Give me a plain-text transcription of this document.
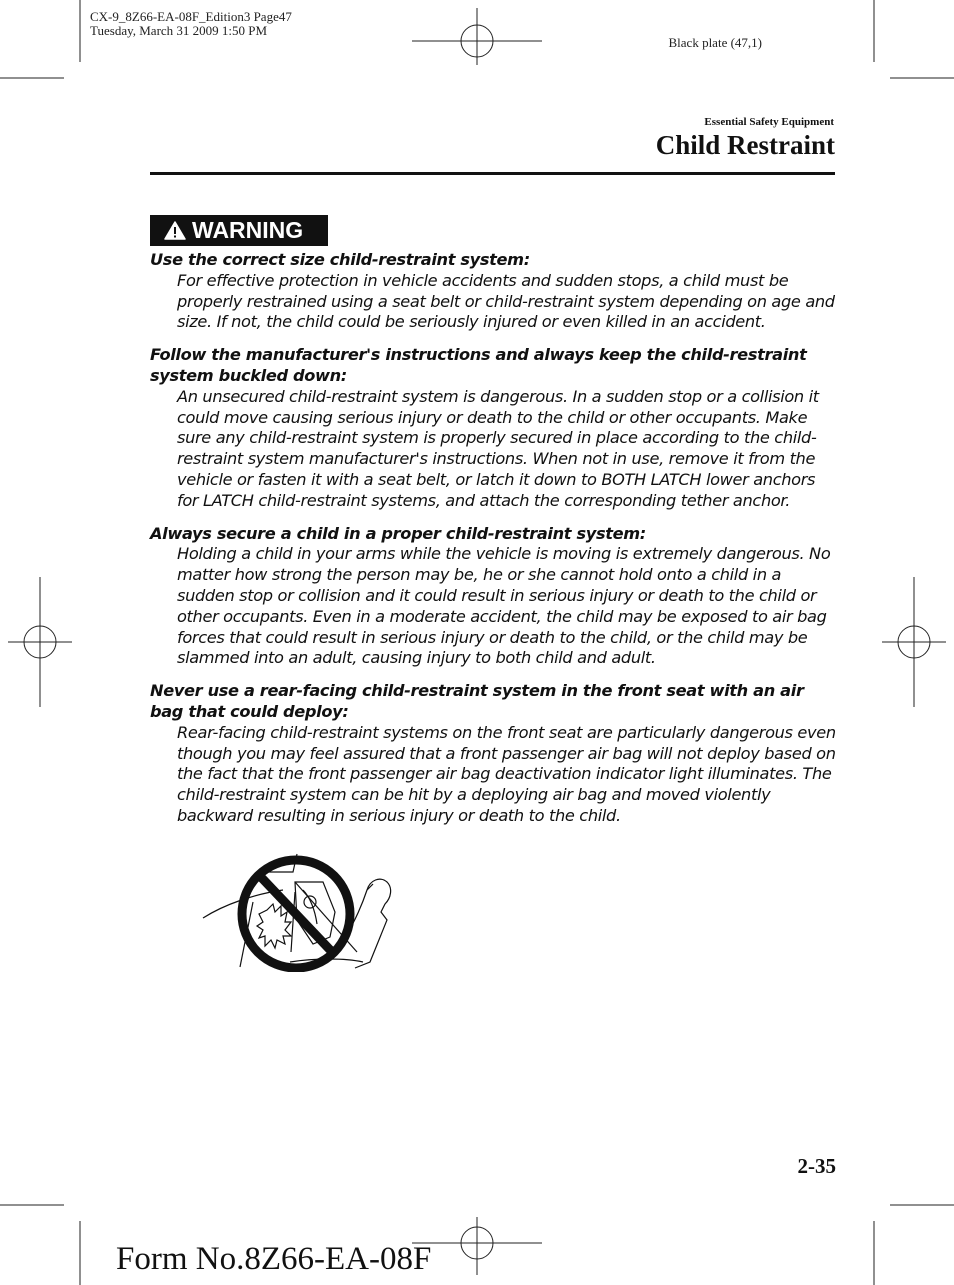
CX-9_8Z66-EA-08F_Edition3 Page47
Tuesday, March 31 2009 1:50 PM
Black plate (47,1)
Essential Safety Equipment
Child Restraint
WARNING
Use the correct size child-restraint system:
For effective protection in vehicle accidents and sudden stops, a child must be properly restrained using a seat belt or child-restraint system depending on age and size. If not, the child could be seriously injured or even killed in an accident.
Follow the manufacturer's instructions and always keep the child-restraint system buckled down:
An unsecured child-restraint system is dangerous. In a sudden stop or a collision it could move causing serious injury or death to the child or other occupants. Make sure any child-restraint system is properly secured in place according to the child-restraint system manufacturer's instructions. When not in use, remove it from the vehicle or fasten it with a seat belt, or latch it down to BOTH LATCH lower anchors for LATCH child-restraint systems, and attach the corresponding tether anchor.
Always secure a child in a proper child-restraint system:
Holding a child in your arms while the vehicle is moving is extremely dangerous. No matter how strong the person may be, he or she cannot hold onto a child in a sudden stop or collision and it could result in serious injury or death to the child or other occupants. Even in a moderate accident, the child may be exposed to air bag forces that could result in serious injury or death to the child, or the child may be slammed into an adult, causing injury to both child and adult.
Never use a rear-facing child-restraint system in the front seat with an air bag that could deploy:
Rear-facing child-restraint systems on the front seat are particularly dangerous even though you may feel assured that a front passenger air bag will not deploy based on the fact that the front passenger air bag deactivation indicator light illuminates. The child-restraint system can be hit by a deploying air bag and moved violently backward resulting in serious injury or death to the child.
2-35
Form No.8Z66-EA-08F
